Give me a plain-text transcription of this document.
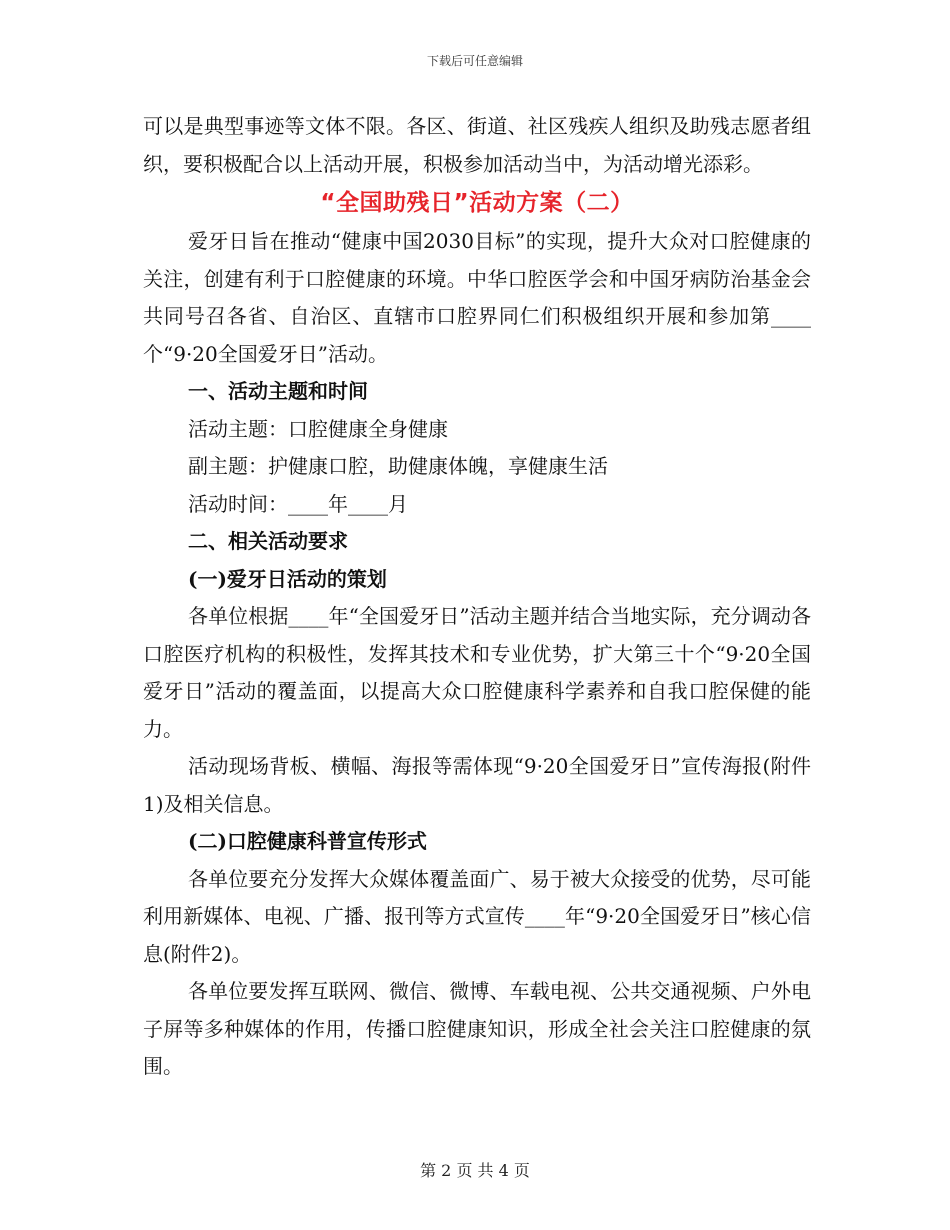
下载后可任意编辑

可以是典型事迹等文体不限。各区、街道、社区残疾人组织及助残志愿者组织，要积极配合以上活动开展，积极参加活动当中，为活动增光添彩。

“全国助残日”活动方案（二）

爱牙日旨在推动“健康中国2030目标”的实现，提升大众对口腔健康的关注，创建有利于口腔健康的环境。中华口腔医学会和中国牙病防治基金会共同号召各省、自治区、直辖市口腔界同仁们积极组织开展和参加第____个“9·20全国爱牙日”活动。

一、活动主题和时间

活动主题：口腔健康全身健康

副主题：护健康口腔，助健康体魄，享健康生活

活动时间：____年____月

二、相关活动要求

(一)爱牙日活动的策划

各单位根据____年“全国爱牙日”活动主题并结合当地实际，充分调动各口腔医疗机构的积极性，发挥其技术和专业优势，扩大第三十个“9·20全国爱牙日”活动的覆盖面，以提高大众口腔健康科学素养和自我口腔保健的能力。

活动现场背板、横幅、海报等需体现“9·20全国爱牙日”宣传海报(附件1)及相关信息。

(二)口腔健康科普宣传形式

各单位要充分发挥大众媒体覆盖面广、易于被大众接受的优势，尽可能利用新媒体、电视、广播、报刊等方式宣传____年“9·20全国爱牙日”核心信息(附件2)。

各单位要发挥互联网、微信、微博、车载电视、公共交通视频、户外电子屏等多种媒体的作用，传播口腔健康知识，形成全社会关注口腔健康的氛围。

第 2 页 共 4 页
